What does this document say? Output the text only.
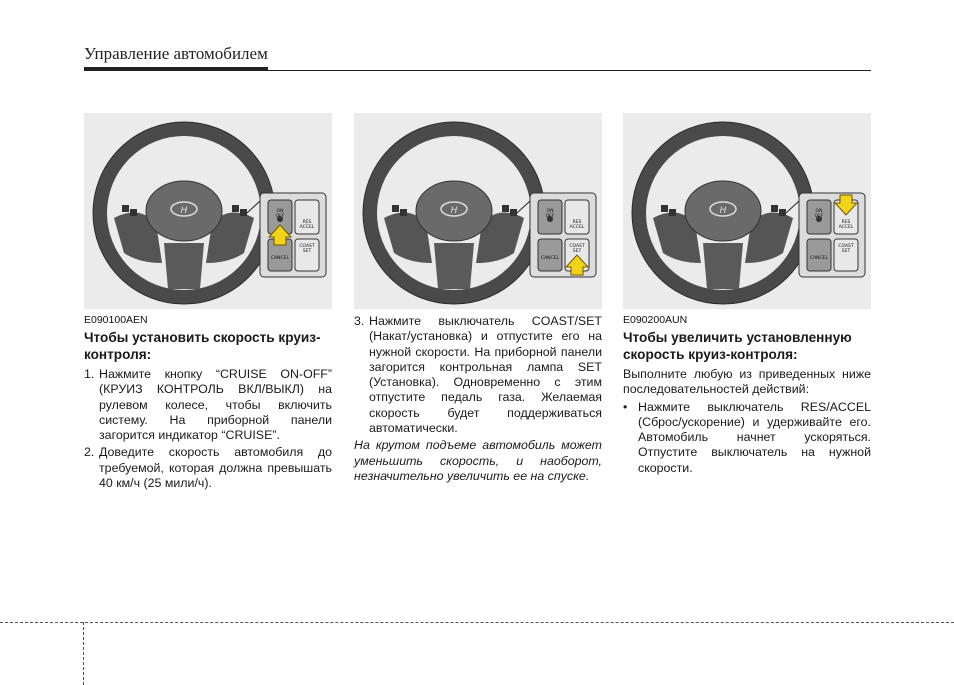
Управление автомобилем
H	ON
OFF
RES
ACCEL
CANCEL
COAST
SET
H	ON
OFF
RES
ACCEL
CANCEL
COAST
SET
H	ON
OFF
RES
ACCEL
CANCEL
COAST
SET

E090100AEN

Чтобы установить скорость круиз-контроля:

1. Нажмите кнопку “CRUISE ON-OFF” (КРУИЗ КОНТРОЛЬ ВКЛ/ВЫКЛ) на рулевом колесе, чтобы включить систему. На приборной панели загорится индикатор “CRUISE”.
2. Доведите скорость автомобиля до требуемой, которая должна превышать 40 км/ч (25 мили/ч).
3. Нажмите выключатель COAST/SET (Накат/установка) и отпустите его на нужной скорости. На приборной панели загорится контрольная лампа SET (Установка). Одновременно с этим отпустите педаль газа. Желаемая скорость будет поддерживаться автоматически.

На крутом подъеме автомобиль может уменьшить скорость, и наоборот, незначительно увеличить ее на спуске.

E090200AUN

Чтобы увеличить установленную скорость круиз-контроля:

Выполните любую из приведенных ниже последовательностей действий:

• Нажмите выключатель RES/ACCEL (Сброс/ускорение) и удерживайте его. Автомобиль начнет ускоряться. Отпустите выключатель на нужной скорости.
